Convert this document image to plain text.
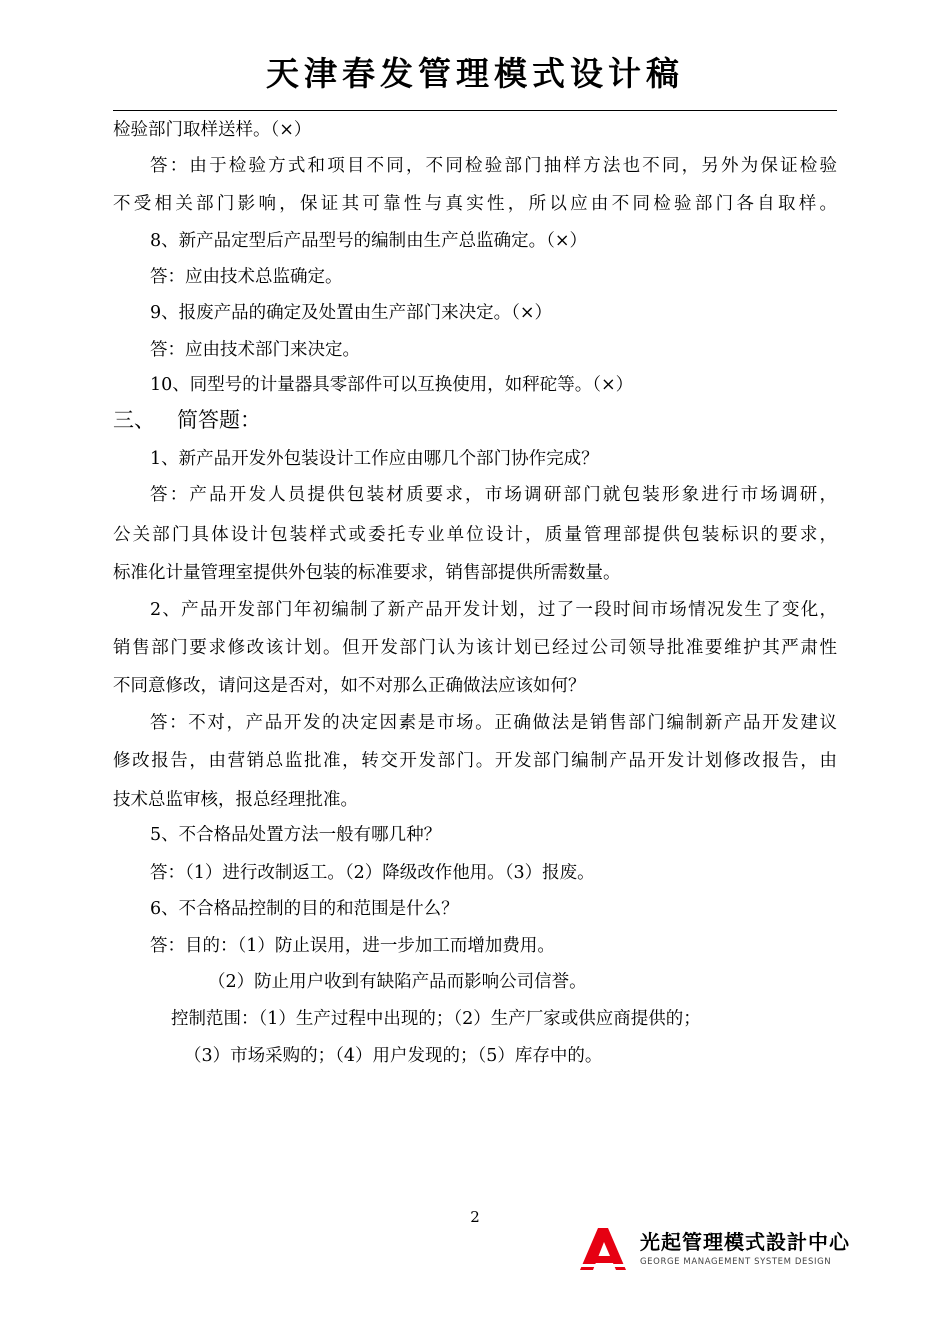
天津春发管理模式设计稿
检验部门取样送样。（×）
答：由于检验方式和项目不同，不同检验部门抽样方法也不同，另外为保证检验
不受相关部门影响，保证其可靠性与真实性，所以应由不同检验部门各自取样。
8、新产品定型后产品型号的编制由生产总监确定。（×）
答：应由技术总监确定。
9、报废产品的确定及处置由生产部门来决定。（×）
答：应由技术部门来决定。
10、同型号的计量器具零部件可以互换使用，如秤砣等。（×）
三、 简答题：
1、新产品开发外包装设计工作应由哪几个部门协作完成？
答：产品开发人员提供包装材质要求，市场调研部门就包装形象进行市场调研，
公关部门具体设计包装样式或委托专业单位设计，质量管理部提供包装标识的要求，
标准化计量管理室提供外包装的标准要求，销售部提供所需数量。
2、产品开发部门年初编制了新产品开发计划，过了一段时间市场情况发生了变化，
销售部门要求修改该计划。但开发部门认为该计划已经过公司领导批准要维护其严肃性
不同意修改，请问这是否对，如不对那么正确做法应该如何？
答：不对，产品开发的决定因素是市场。正确做法是销售部门编制新产品开发建议
修改报告，由营销总监批准，转交开发部门。开发部门编制产品开发计划修改报告，由
技术总监审核，报总经理批准。
5、不合格品处置方法一般有哪几种？
答：（1）进行改制返工。（2）降级改作他用。（3）报废。
6、不合格品控制的目的和范围是什么？
答：目的：（1）防止误用，进一步加工而增加费用。
（2）防止用户收到有缺陷产品而影响公司信誉。
控制范围：（1）生产过程中出现的；（2）生产厂家或供应商提供的；
（3）市场采购的；（4）用户发现的；（5）库存中的。
2
光起管理模式設計中心
GEORGE MANAGEMENT SYSTEM DESIGN
